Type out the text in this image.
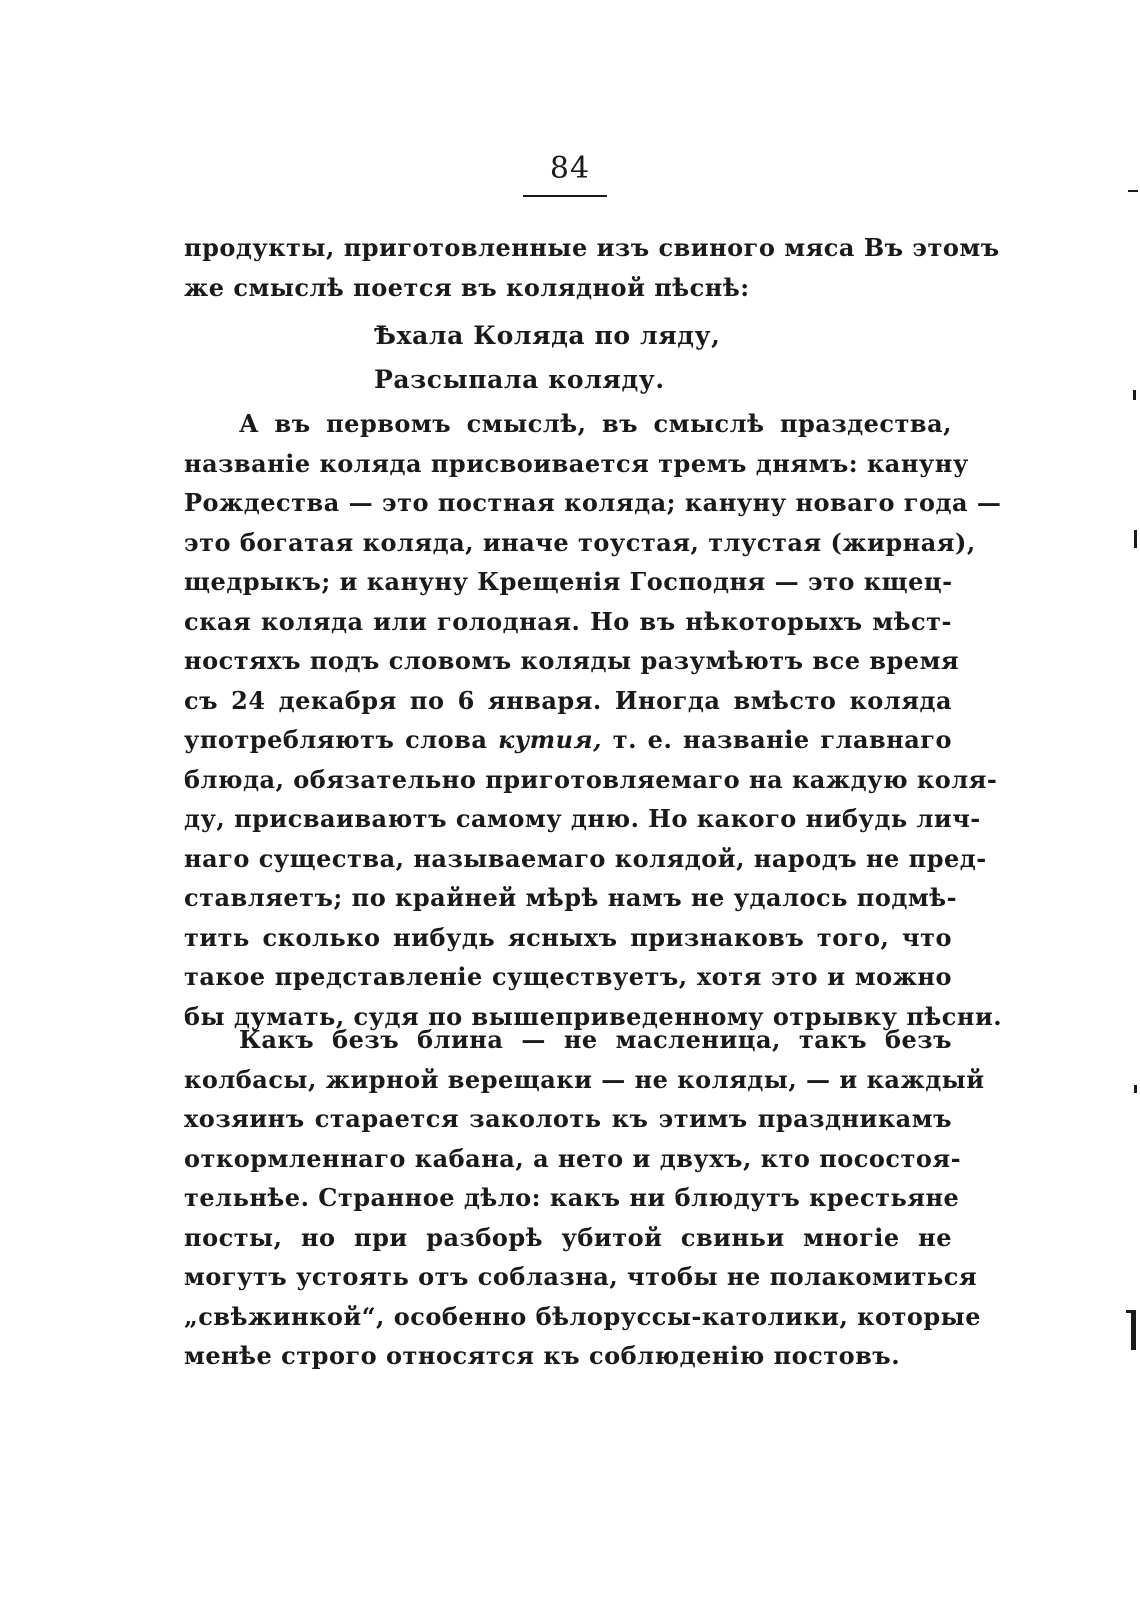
84
продукты, приготовленные изъ свиного мяса Въ этомъ
же смыслѣ поется въ колядной пѣснѣ:
Ѣхала Коляда по ляду,
Разсыпала коляду.
А въ первомъ смыслѣ, въ смыслѣ праздества,
названіе коляда присвоивается тремъ днямъ: кануну
Рождества — это постная коляда; кануну новаго года —
это богатая коляда, иначе тоустая, тлустая (жирная),
щедрыкъ; и кануну Крещенія Господня — это кщец-
ская коляда или голодная. Но въ нѣкоторыхъ мѣст-
ностяхъ подъ словомъ коляды разумѣютъ все время
съ 24 декабря по 6 января. Иногда вмѣсто коляда
употребляютъ слова кутия, т. е. названіе главнаго
блюда, обязательно приготовляемаго на каждую коля-
ду, присваиваютъ самому дню. Но какого нибудь лич-
наго существа, называемаго колядой, народъ не пред-
ставляетъ; по крайней мѣрѣ намъ не удалось подмѣ-
тить сколько нибудь ясныхъ признаковъ того, что
такое представленіе существуетъ, хотя это и можно
бы думать, судя по вышеприведенному отрывку пѣсни.
Какъ безъ блина — не масленица, такъ безъ
колбасы, жирной верещаки — не коляды, — и каждый
хозяинъ старается заколоть къ этимъ праздникамъ
откормленнаго кабана, а нето и двухъ, кто посостоя-
тельнѣе. Странное дѣло: какъ ни блюдутъ крестьяне
посты, но при разборѣ убитой свиньи многіе не
могутъ устоять отъ соблазна, чтобы не полакомиться
„свѣжинкой“, особенно бѣлоруссы-католики, которые
менѣе строго относятся къ соблюденію постовъ.
